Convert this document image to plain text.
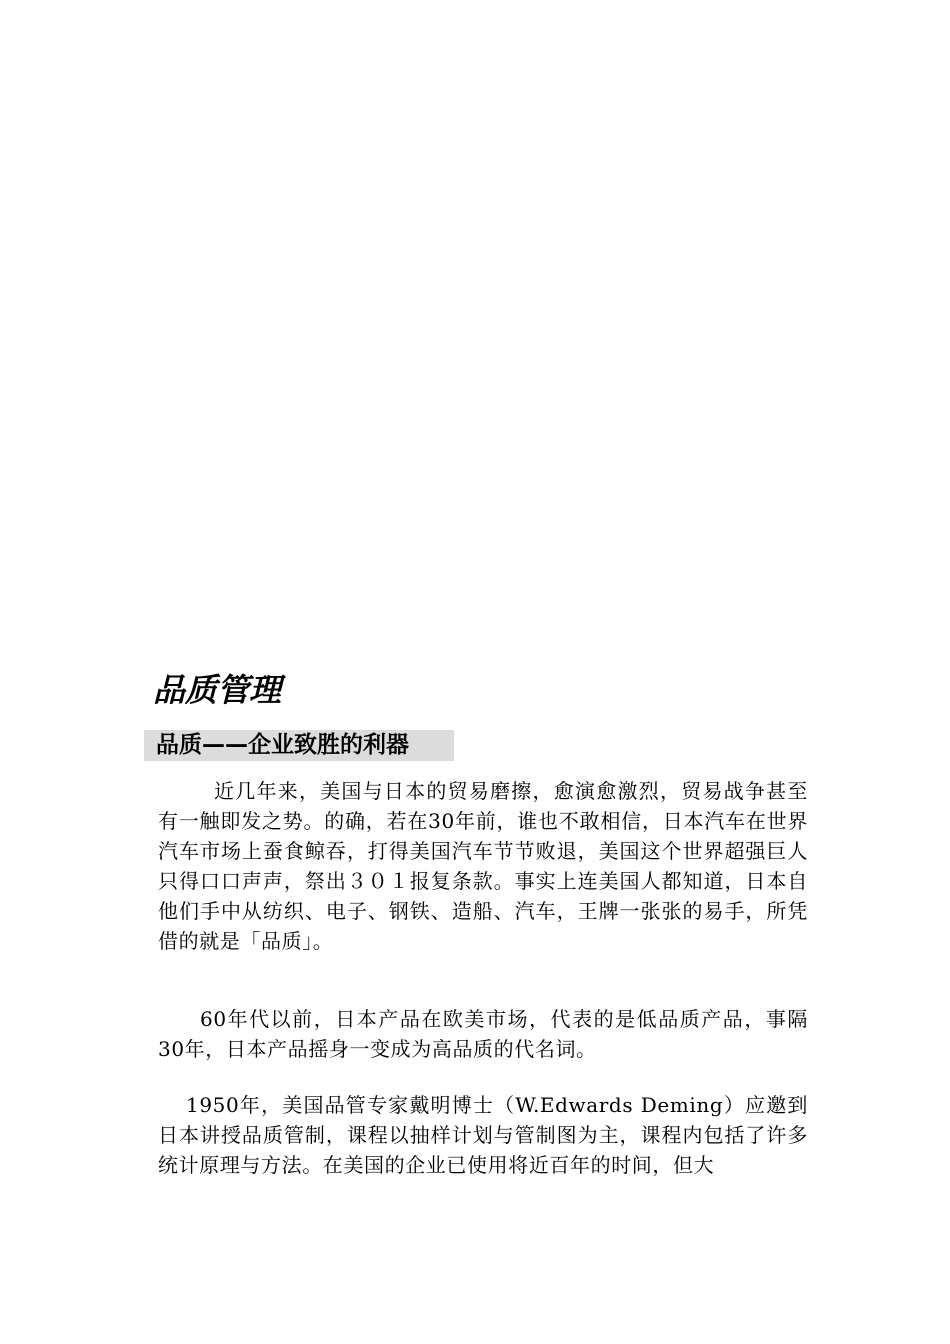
品质管理
品质——企业致胜的利器

近几年来，美国与日本的贸易磨擦，愈演愈激烈，贸易战争甚至有一触即发之势。的确，若在30年前，谁也不敢相信，日本汽车在世界汽车市场上蚕食鲸吞，打得美国汽车节节败退，美国这个世界超强巨人只得口口声声，祭出３０１报复条款。事实上连美国人都知道，日本自他们手中从纺织、电子、钢铁、造船、汽车，王牌一张张的易手，所凭借的就是「品质」。

60年代以前，日本产品在欧美市场，代表的是低品质产品，事隔30年，日本产品摇身一变成为高品质的代名词。

1950年，美国品管专家戴明博士（W.Edwards Deming）应邀到日本讲授品质管制，课程以抽样计划与管制图为主，课程内包括了许多统计原理与方法。在美国的企业已使用将近百年的时间，但大
